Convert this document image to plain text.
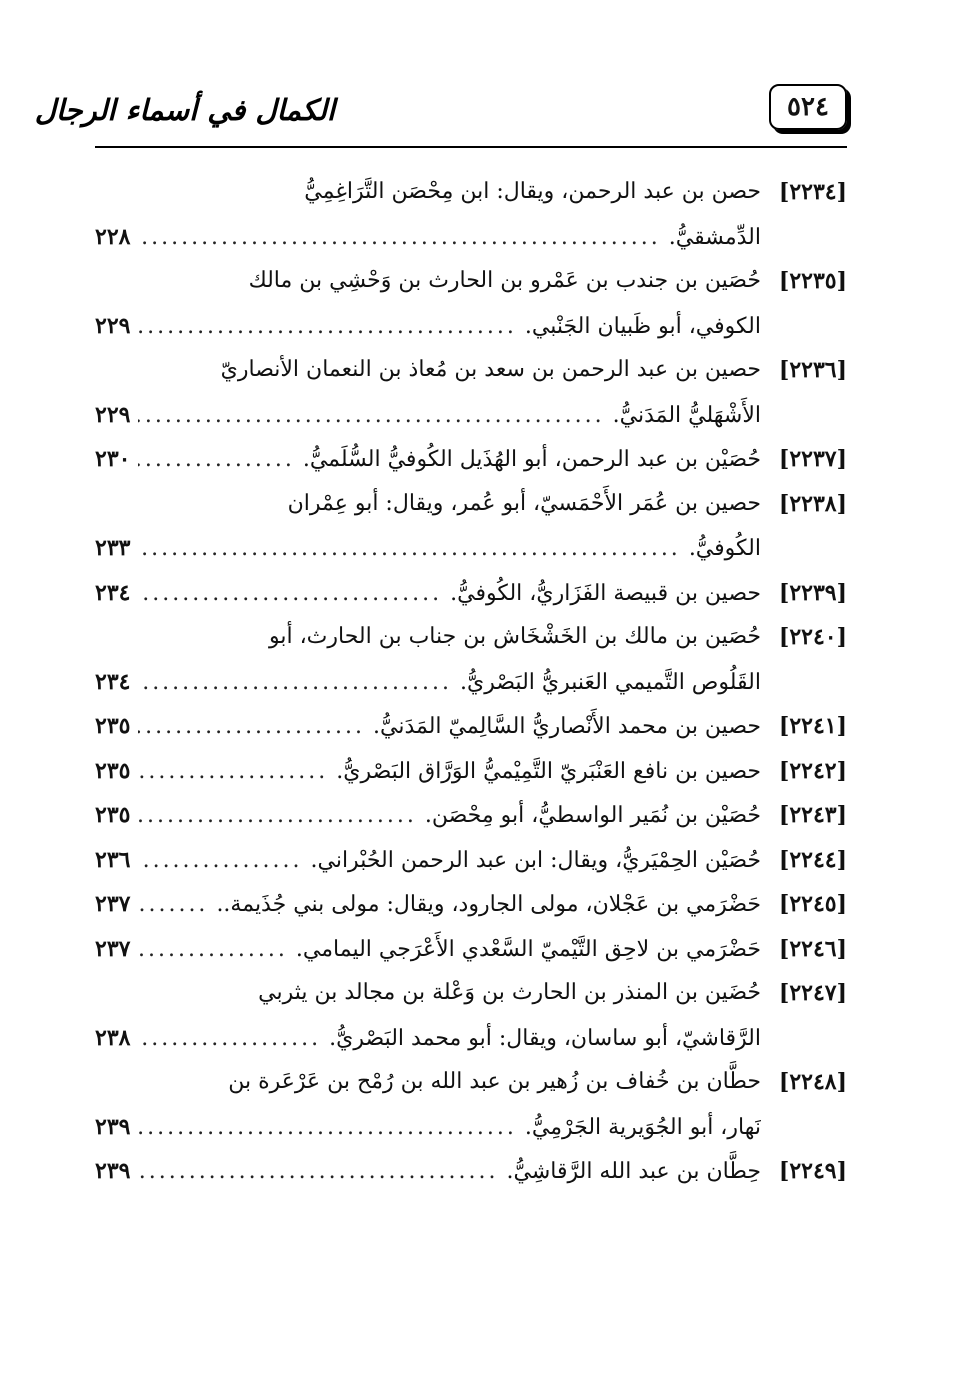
الكمال في أسماء الرجال	٥٢٤
[٢٢٣٤]
حصن بن عبد الرحمن، ويقال: ابن مِحْصَن التَّرَاغِمِيُّ
الدِّمشقيُّ.
.....
٢٢٨
[٢٢٣٥]
حُصَين بن جندب بن عَمْرو بن الحارث بن وَحْشِي بن مالك
الكوفي، أبو ظَبيان الجَنْبي.
.....
٢٢٩
[٢٢٣٦]
حصين بن عبد الرحمن بن سعد بن مُعاذ بن النعمان الأنصاريّ
الأَشْهَليُّ المَدَنيُّ.
.....
٢٢٩
[٢٢٣٧]
حُصَيْن بن عبد الرحمن، أبو الهُذَيل الكُوفيُّ السُّلَميُّ.
.....
٢٣٠
[٢٢٣٨]
حصين بن عُمَر الأَحْمَسيّ، أبو عُمر، ويقال: أبو عِمْران
الكُوفيُّ.
.....
٢٣٣
[٢٢٣٩]
حصين بن قبيصة الفَزَاريُّ، الكُوفيُّ.
.....
٢٣٤
[٢٢٤٠]
حُصَين بن مالك بن الخَشْخَاش بن جناب بن الحارث، أبو
القَلُوص التَّميمي العَنبريُّ البَصْريُّ.
.....
٢٣٤
[٢٢٤١]
حصين بن محمد الأَنْصاريُّ السَّالِميّ المَدَنيُّ.
.....
٢٣٥
[٢٢٤٢]
حصين بن نافع العَنْبَريّ التَّمِيْميُّ الوَرَّاق البَصْريُّ.
.....
٢٣٥
[٢٢٤٣]
حُصَيْن بن نُمَير الواسطيُّ، أبو مِحْصَن.
.....
٢٣٥
[٢٢٤٤]
حُصَيْن الحِمْيَريُّ، ويقال: ابن عبد الرحمن الحُبْراني.
.....
٢٣٦
[٢٢٤٥]
حَضْرَمي بن عَجْلان، مولى الجارود، ويقال: مولى بني جُذَيمة..
.....
٢٣٧
[٢٢٤٦]
حَضْرَمي بن لاحِق التَّيْميّ السَّعْدي الأَعْرَجي اليمامي.
.....
٢٣٧
[٢٢٤٧]
حُضَين بن المنذر بن الحارث بن وَعْلة بن مجالد بن يثربي
الرَّقاشيّ، أبو ساسان، ويقال: أبو محمد البَصْريُّ.
.....
٢٣٨
[٢٢٤٨]
حطَّان بن خُفاف بن زُهير بن عبد الله بن رُمْح بن عَرْعَرة بن
نَهار، أبو الجُوَيرية الجَرْمِيُّ.
.....
٢٣٩
[٢٢٤٩]
حِطَّان بن عبد الله الرَّقاشِيُّ.
.....
٢٣٩
